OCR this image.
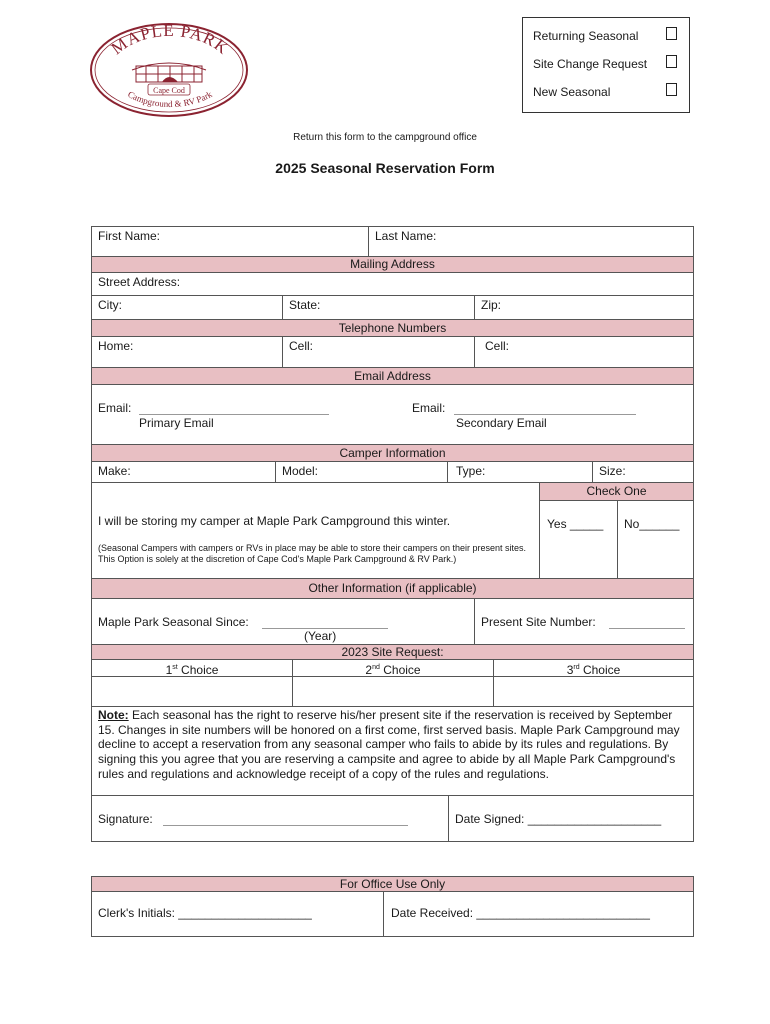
MAPLE PARK
Cape Cod
Campground & RV Park
Returning Seasonal
Site Change Request
New Seasonal
Return this form to the campground office
2025 Seasonal Reservation Form
First Name:	Last Name:
Mailing Address
Street Address:
City:	State:	Zip:
Telephone Numbers
Home:	Cell:	Cell:
Email Address
Email:
Primary Email
Email:
Secondary Email
Camper Information
Make:	Model:	Type:	Size:
I will be storing my camper at Maple Park Campground this winter.
(Seasonal Campers with campers or RVs in place may be able to store their campers on their present sites. This Option is solely at the discretion of Cape Cod's Maple Park Campground & RV Park.)
Check One
Yes _____ No______
Other Information (if applicable)
Maple Park Seasonal Since:
(Year)
Present Site Number:
2023 Site Request:
1st Choice	2nd Choice	3rd Choice
Note: Each seasonal has the right to reserve his/her present site if the reservation is received by September 15. Changes in site numbers will be honored on a first come, first served basis. Maple Park Campground may decline to accept a reservation from any seasonal camper who fails to abide by its rules and regulations. By signing this you agree that you are reserving a campsite and agree to abide by all Maple Park Campground's rules and regulations and acknowledge receipt of a copy of the rules and regulations.
Signature:	Date Signed: ____________________
For Office Use Only
Clerk's Initials: ____________________	Date Received: __________________________
